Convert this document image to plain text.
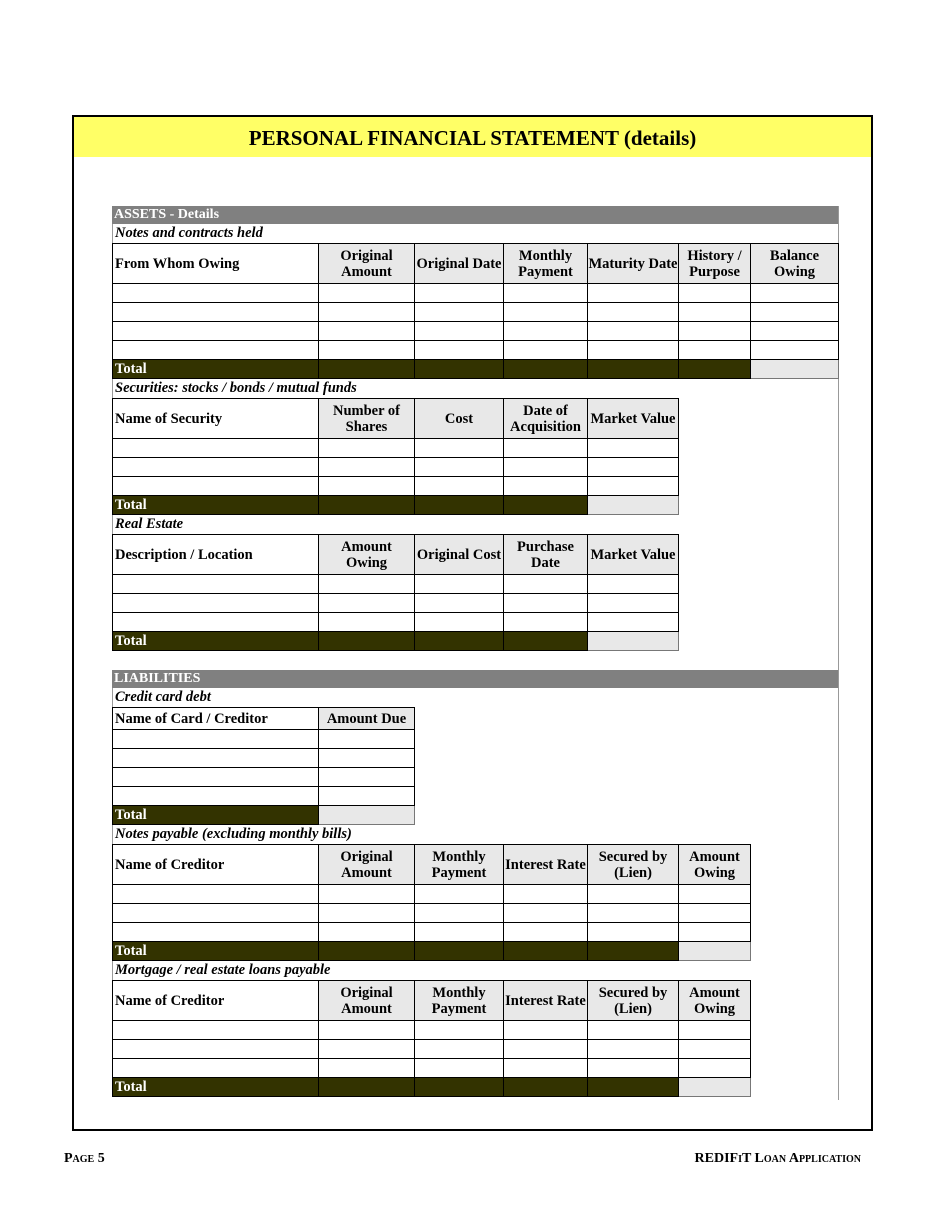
PERSONAL FINANCIAL STATEMENT (details)
ASSETS - Details
Notes and contracts held
From Whom Owing	Original Amount	Original Date	Monthly Payment	Maturity Date	History / Purpose	Balance Owing

Total						
Securities: stocks / bonds / mutual funds
Name of Security	Number of Shares	Cost	Date of Acquisition	Market Value

Total				
Real Estate
Description / Location	Amount Owing	Original Cost	Purchase Date	Market Value

Total				
LIABILITIES
Credit card debt
Name of Card / Creditor	Amount Due

Total	
Notes payable (excluding monthly bills)
Name of Creditor	Original Amount	Monthly Payment	Interest Rate	Secured by (Lien)	Amount Owing

Total					
Mortgage / real estate loans payable
Name of Creditor	Original Amount	Monthly Payment	Interest Rate	Secured by (Lien)	Amount Owing

Total					
Page 5	REDIFiT Loan Application
